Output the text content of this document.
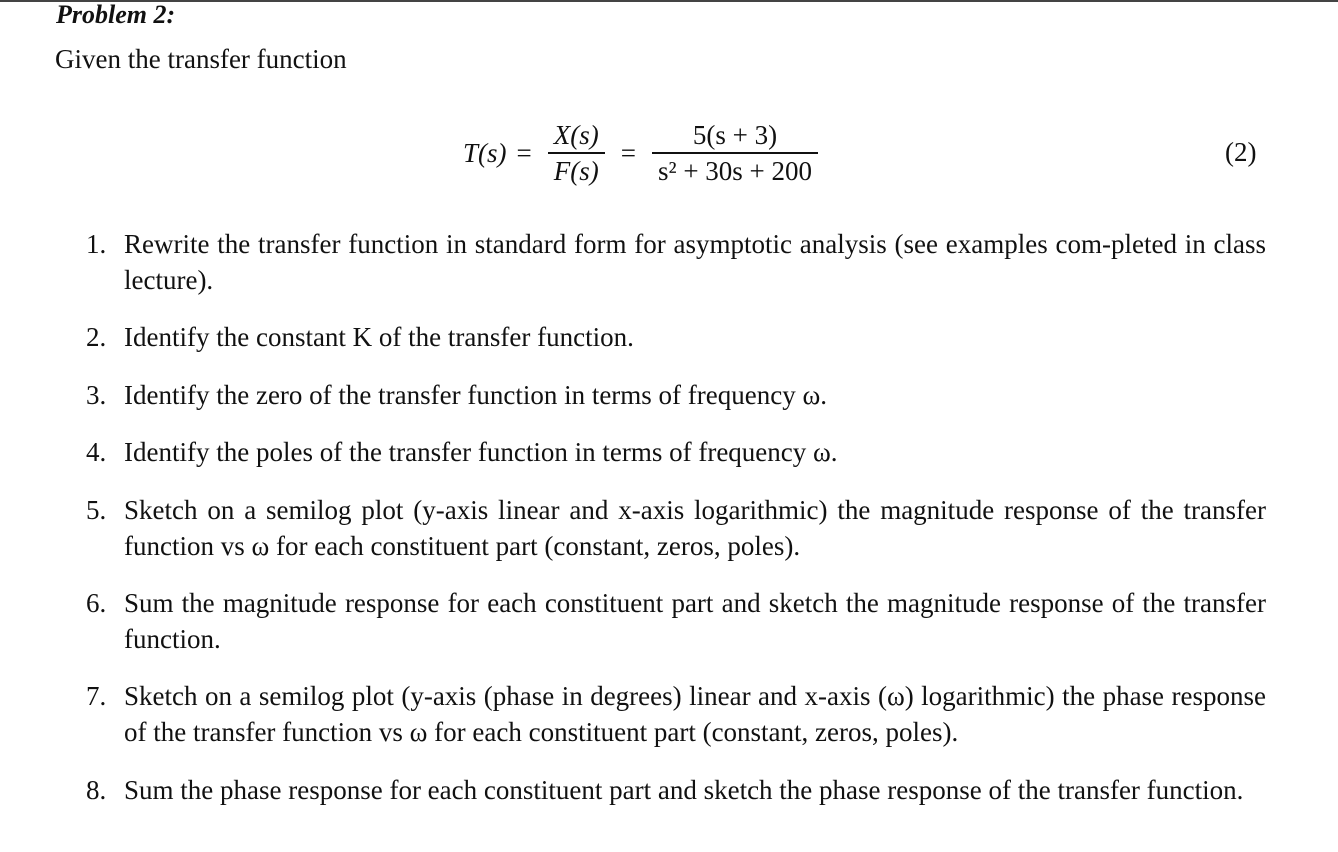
Problem 2:
Given the transfer function
$T(s) = \frac{X(s)}{F(s)} = \frac{5(s + 3)}{\text{s² + 30s + 200}}$	(2)
1. Rewrite the transfer function in standard form for asymptotic analysis (see examples com-pleted in class lecture).
2. Identify the constant K of the transfer function.
3. Identify the zero of the transfer function in terms of frequency ω.
4. Identify the poles of the transfer function in terms of frequency ω.
5. Sketch on a semilog plot (y-axis linear and x-axis logarithmic) the magnitude response of the transfer function vs ω for each constituent part (constant, zeros, poles).
6. Sum the magnitude response for each constituent part and sketch the magnitude response of the transfer function.
7. Sketch on a semilog plot (y-axis (phase in degrees) linear and x-axis (ω) logarithmic) the phase response of the transfer function vs ω for each constituent part (constant, zeros, poles).
8. Sum the phase response for each constituent part and sketch the phase response of the transfer function.
